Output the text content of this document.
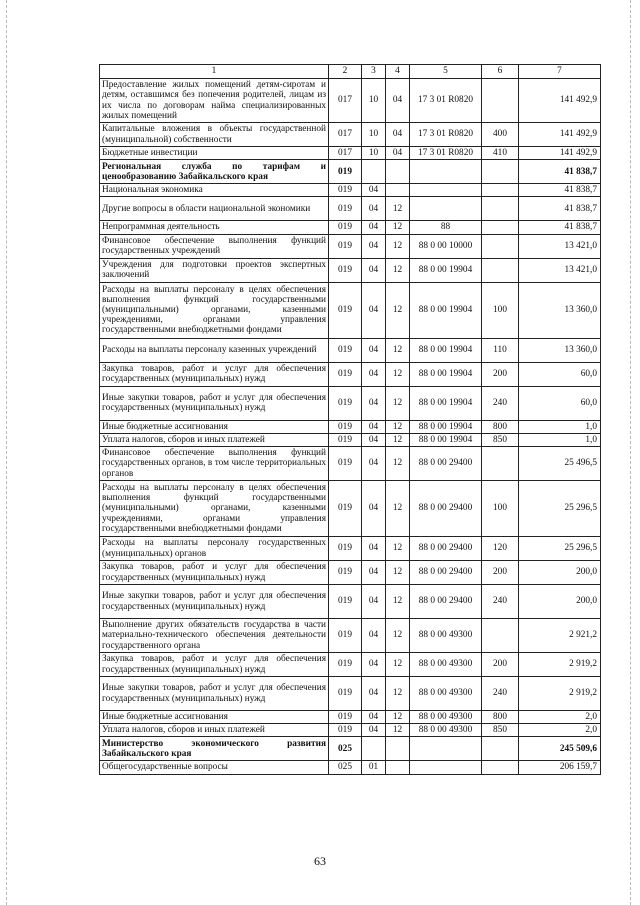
1	2	3	4	5	6	7
Предоставление жилых помещений детям-сиротам и детям, оставшимся без попечения родителей, лицам из их числа по договорам найма специализированных жилых помещений	017	10	04	17 3 01 R0820		141 492,9
Капитальные вложения в объекты государственной (муниципальной) собственности	017	10	04	17 3 01 R0820	400	141 492,9
Бюджетные инвестиции	017	10	04	17 3 01 R0820	410	141 492,9
Региональная служба по тарифам и ценообразованию Забайкальского края	019					41 838,7
Национальная экономика	019	04				41 838,7
Другие вопросы в области национальной экономики	019	04	12			41 838,7
Непрограммная деятельность	019	04	12	88		41 838,7
Финансовое обеспечение выполнения функций государственных учреждений	019	04	12	88 0 00 10000		13 421,0
Учреждения для подготовки проектов экспертных заключений	019	04	12	88 0 00 19904		13 421,0
Расходы на выплаты персоналу в целях обеспечения выполнения функций государственными (муниципальными) органами, казенными учреждениями, органами управления государственными внебюджетными фондами	019	04	12	88 0 00 19904	100	13 360,0
Расходы на выплаты персоналу казенных учреждений	019	04	12	88 0 00 19904	110	13 360,0
Закупка товаров, работ и услуг для обеспечения государственных (муниципальных) нужд	019	04	12	88 0 00 19904	200	60,0
Иные закупки товаров, работ и услуг для обеспечения государственных (муниципальных) нужд	019	04	12	88 0 00 19904	240	60,0
Иные бюджетные ассигнования	019	04	12	88 0 00 19904	800	1,0
Уплата налогов, сборов и иных платежей	019	04	12	88 0 00 19904	850	1,0
Финансовое обеспечение выполнения функций государственных органов, в том числе территориальных органов	019	04	12	88 0 00 29400		25 496,5
Расходы на выплаты персоналу в целях обеспечения выполнения функций государственными (муниципальными) органами, казенными учреждениями, органами управления государственными внебюджетными фондами	019	04	12	88 0 00 29400	100	25 296,5
Расходы на выплаты персоналу государственных (муниципальных) органов	019	04	12	88 0 00 29400	120	25 296,5
Закупка товаров, работ и услуг для обеспечения государственных (муниципальных) нужд	019	04	12	88 0 00 29400	200	200,0
Иные закупки товаров, работ и услуг для обеспечения государственных (муниципальных) нужд	019	04	12	88 0 00 29400	240	200,0
Выполнение других обязательств государства в части материально-технического обеспечения деятельности государственного органа	019	04	12	88 0 00 49300		2 921,2
Закупка товаров, работ и услуг для обеспечения государственных (муниципальных) нужд	019	04	12	88 0 00 49300	200	2 919,2
Иные закупки товаров, работ и услуг для обеспечения государственных (муниципальных) нужд	019	04	12	88 0 00 49300	240	2 919,2
Иные бюджетные ассигнования	019	04	12	88 0 00 49300	800	2,0
Уплата налогов, сборов и иных платежей	019	04	12	88 0 00 49300	850	2,0
Министерство экономического развития Забайкальского края	025					245 509,6
Общегосударственные вопросы	025	01				206 159,7
63
